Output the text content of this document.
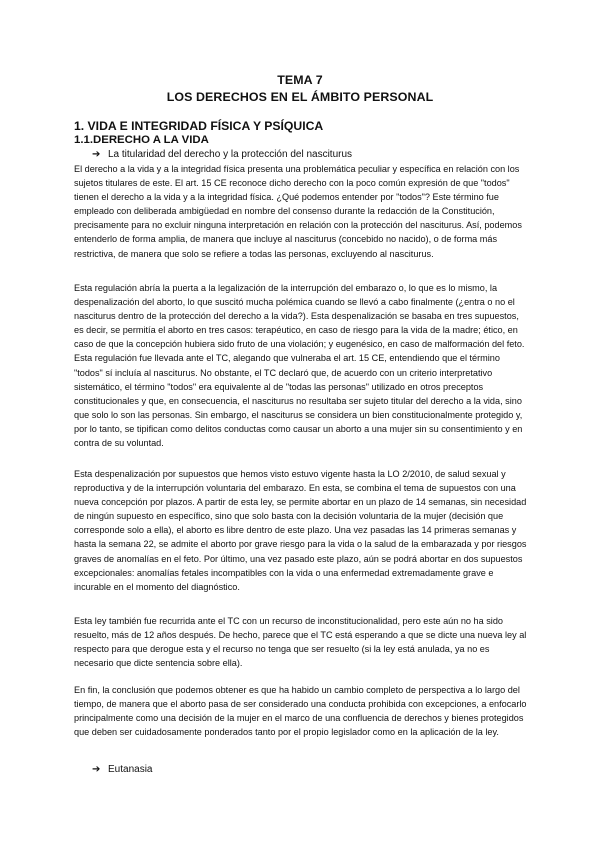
TEMA 7
LOS DERECHOS EN EL ÁMBITO PERSONAL
1. VIDA E INTEGRIDAD FÍSICA Y PSÍQUICA
1.1.DERECHO A LA VIDA
➔ La titularidad del derecho y la protección del nasciturus

El derecho a la vida y a la integridad física presenta una problemática peculiar y específica en relación con los sujetos titulares de este. El art. 15 CE reconoce dicho derecho con la poco común expresión de que "todos" tienen el derecho a la vida y a la integridad física. ¿Qué podemos entender por "todos"? Este término fue empleado con deliberada ambigüedad en nombre del consenso durante la redacción de la Constitución, precisamente para no excluir ninguna interpretación en relación con la protección del nasciturus. Así, podemos entenderlo de forma amplia, de manera que incluye al nasciturus (concebido no nacido), o de forma más restrictiva, de manera que solo se refiere a todas las personas, excluyendo al nasciturus.

Esta regulación abría la puerta a la legalización de la interrupción del embarazo o, lo que es lo mismo, la despenalización del aborto, lo que suscitó mucha polémica cuando se llevó a cabo finalmente (¿entra o no el nasciturus dentro de la protección del derecho a la vida?). Esta despenalización se basaba en tres supuestos, es decir, se permitía el aborto en tres casos: terapéutico, en caso de riesgo para la vida de la madre; ético, en caso de que la concepción hubiera sido fruto de una violación; y eugenésico, en caso de malformación del feto. Esta regulación fue llevada ante el TC, alegando que vulneraba el art. 15 CE, entendiendo que el término "todos" sí incluía al nasciturus. No obstante, el TC declaró que, de acuerdo con un criterio interpretativo sistemático, el término "todos" era equivalente al de "todas las personas" utilizado en otros preceptos constitucionales y que, en consecuencia, el nasciturus no resultaba ser sujeto titular del derecho a la vida, sino que solo lo son las personas. Sin embargo, el nasciturus se considera un bien constitucionalmente protegido y, por lo tanto, se tipifican como delitos conductas como causar un aborto a una mujer sin su consentimiento y en contra de su voluntad.

Esta despenalización por supuestos que hemos visto estuvo vigente hasta la LO 2/2010, de salud sexual y reproductiva y de la interrupción voluntaria del embarazo. En esta, se combina el tema de supuestos con una nueva concepción por plazos. A partir de esta ley, se permite abortar en un plazo de 14 semanas, sin necesidad de ningún supuesto en específico, sino que solo basta con la decisión voluntaria de la mujer (decisión que corresponde solo a ella), el aborto es libre dentro de este plazo. Una vez pasadas las 14 primeras semanas y hasta la semana 22, se admite el aborto por grave riesgo para la vida o la salud de la embarazada y por riesgos graves de anomalías en el feto. Por último, una vez pasado este plazo, aún se podrá abortar en dos supuestos excepcionales: anomalías fetales incompatibles con la vida o una enfermedad extremadamente grave e incurable en el momento del diagnóstico.

Esta ley también fue recurrida ante el TC con un recurso de inconstitucionalidad, pero este aún no ha sido resuelto, más de 12 años después. De hecho, parece que el TC está esperando a que se dicte una nueva ley al respecto para que derogue esta y el recurso no tenga que ser resuelto (si la ley está anulada, ya no es necesario que dicte sentencia sobre ella).

En fin, la conclusión que podemos obtener es que ha habido un cambio completo de perspectiva a lo largo del tiempo, de manera que el aborto pasa de ser considerado una conducta prohibida con excepciones, a enfocarlo principalmente como una decisión de la mujer en el marco de una confluencia de derechos y bienes protegidos que deben ser cuidadosamente ponderados tanto por el propio legislador como en la aplicación de la ley.

➔ Eutanasia
